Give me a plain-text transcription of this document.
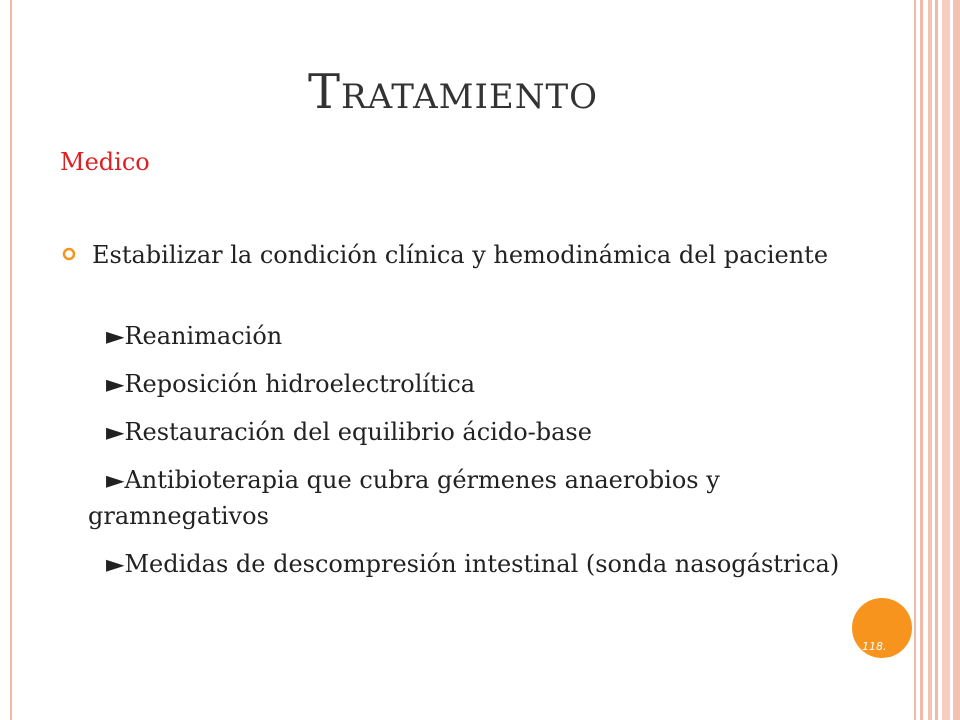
Tratamiento
Medico
Estabilizar la condición clínica y hemodinámica del paciente
►Reanimación
►Reposición hidroelectrolítica
►Restauración del equilibrio ácido-base
►Antibioterapia que cubra gérmenes anaerobios y gramnegativos
►Medidas de descompresión intestinal (sonda nasogástrica)
118.
